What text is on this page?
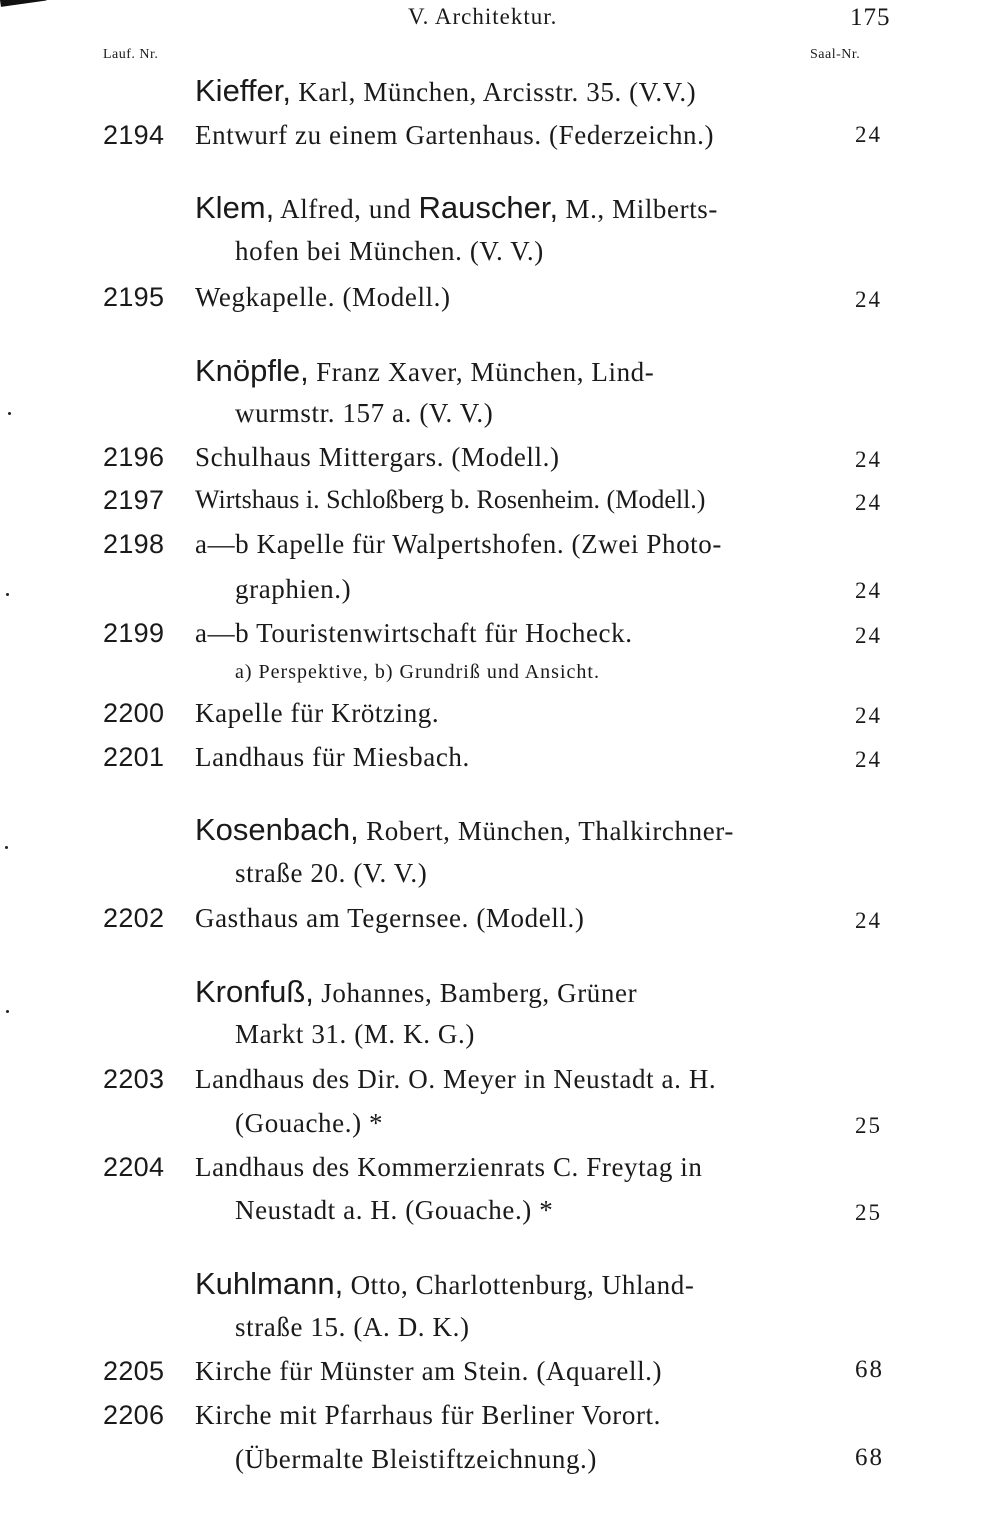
V. Architektur.	175
Lauf. Nr.	Saal-Nr.
Kieffer, Karl, München, Arcisstr. 35. (V.V.)
2194 Entwurf zu einem Gartenhaus. (Federzeichn.)	24
Klem, Alfred, und Rauscher, M., Milberts-
hofen bei München. (V. V.)
2195 Wegkapelle. (Modell.)	24
Knöpfle, Franz Xaver, München, Lind-
wurmstr. 157 a. (V. V.)
2196 Schulhaus Mittergars. (Modell.)	24
2197 Wirtshaus i. Schloßberg b. Rosenheim. (Modell.)	24
2198 a—b Kapelle für Walpertshofen. (Zwei Photo-
graphien.)	24
2199 a—b Touristenwirtschaft für Hocheck.	24
a) Perspektive, b) Grundriß und Ansicht.
2200 Kapelle für Krötzing.	24
2201 Landhaus für Miesbach.	24
Kosenbach, Robert, München, Thalkirchner-
straße 20. (V. V.)
2202 Gasthaus am Tegernsee. (Modell.)	24
Kronfuß, Johannes, Bamberg, Grüner
Markt 31. (M. K. G.)
2203 Landhaus des Dir. O. Meyer in Neustadt a. H.
(Gouache.) *	25
2204 Landhaus des Kommerzienrats C. Freytag in
Neustadt a. H. (Gouache.) *	25
Kuhlmann, Otto, Charlottenburg, Uhland-
straße 15. (A. D. K.)
2205 Kirche für Münster am Stein. (Aquarell.)	68
2206 Kirche mit Pfarrhaus für Berliner Vorort.
(Übermalte Bleistiftzeichnung.)	68
